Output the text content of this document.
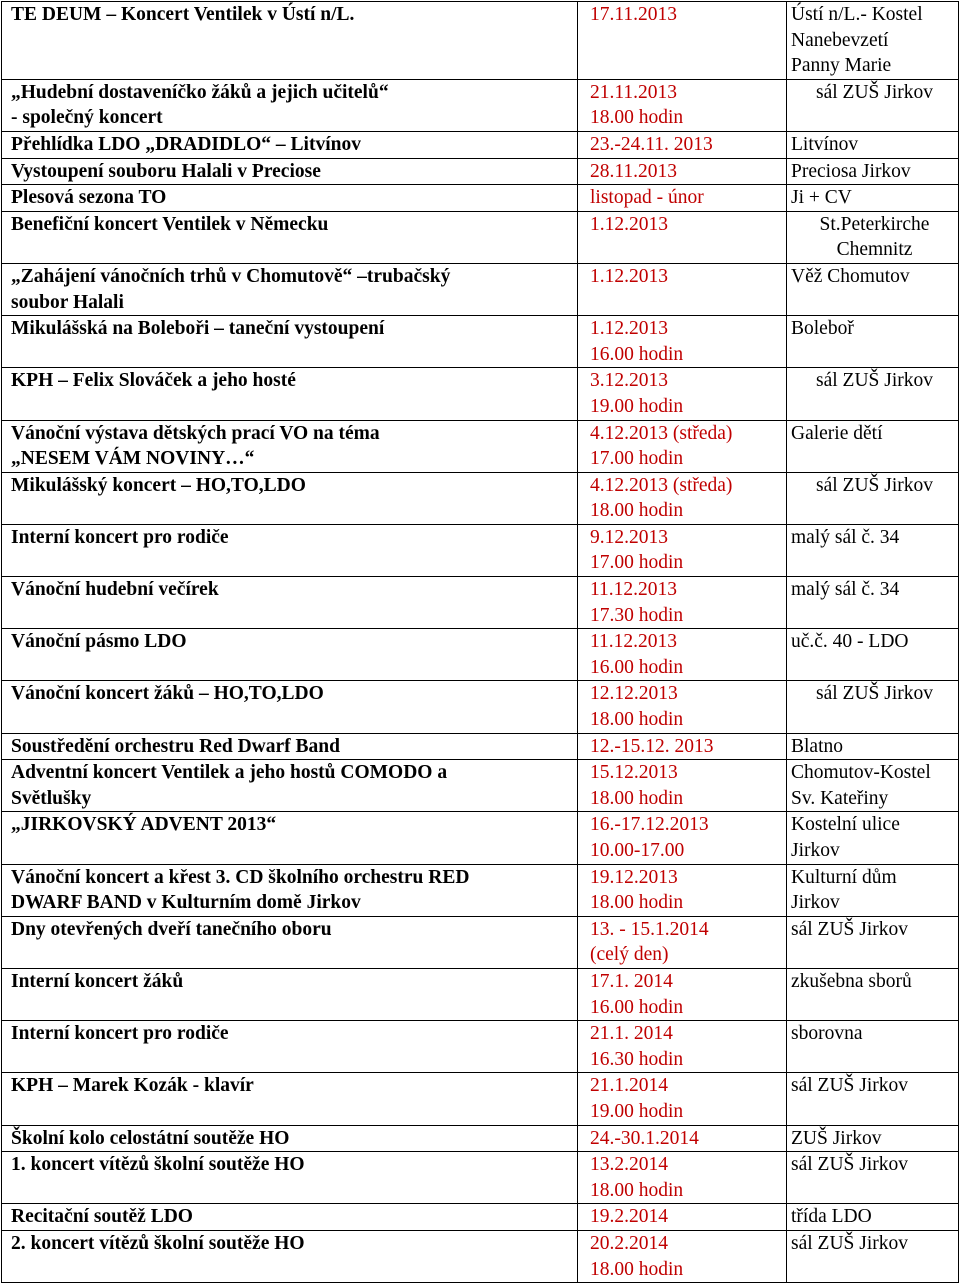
TE DEUM – Koncert Ventilek v Ústí n/L.	17.11.2013	Ústí n/L.- Kostel
Nanebevzetí
Panny Marie

„Hudební dostaveníčko žáků a jejich učitelů“
- společný koncert	21.11.2013
18.00 hodin	sál ZUŠ Jirkov

Přehlídka LDO „DRADIDLO“ – Litvínov	23.-24.11. 2013	Litvínov

Vystoupení souboru Halali v Preciose	28.11.2013	Preciosa Jirkov

Plesová sezona TO	listopad - únor	Ji + CV

Benefiční koncert Ventilek v Německu	1.12.2013	St.Peterkirche
Chemnitz

„Zahájení vánočních trhů v Chomutově“ –trubačský
soubor Halali	1.12.2013	Věž Chomutov

Mikulášská na Boleboři – taneční vystoupení	1.12.2013
16.00 hodin	Boleboř

KPH – Felix Slováček a jeho hosté	3.12.2013
19.00 hodin	sál ZUŠ Jirkov

Vánoční výstava dětských prací VO na téma
„NESEM VÁM NOVINY…“	4.12.2013 (středa)
17.00 hodin	Galerie dětí

Mikulášský koncert – HO,TO,LDO	4.12.2013 (středa)
18.00 hodin	sál ZUŠ Jirkov

Interní koncert pro rodiče	9.12.2013
17.00 hodin	malý sál č. 34

Vánoční hudební večírek	11.12.2013
17.30 hodin	malý sál č. 34

Vánoční pásmo LDO	11.12.2013
16.00 hodin	uč.č. 40 - LDO

Vánoční koncert žáků – HO,TO,LDO	12.12.2013
18.00 hodin	sál ZUŠ Jirkov

Soustředění orchestru Red Dwarf Band	12.-15.12. 2013	Blatno

Adventní koncert Ventilek a jeho hostů COMODO a
Světlušky	15.12.2013
18.00 hodin	Chomutov-Kostel
Sv. Kateřiny

„JIRKOVSKÝ ADVENT 2013“	16.-17.12.2013
10.00-17.00	Kostelní ulice
Jirkov

Vánoční koncert a křest 3. CD školního orchestru RED
DWARF BAND v Kulturním domě Jirkov	19.12.2013
18.00 hodin	Kulturní dům
Jirkov

Dny otevřených dveří tanečního oboru	13. - 15.1.2014
(celý den)	sál ZUŠ Jirkov

Interní koncert žáků	17.1. 2014
16.00 hodin	zkušebna sborů

Interní koncert pro rodiče	21.1. 2014
16.30 hodin	sborovna

KPH – Marek Kozák - klavír	21.1.2014
19.00 hodin	sál ZUŠ Jirkov

Školní kolo celostátní soutěže HO	24.-30.1.2014	ZUŠ Jirkov

1. koncert vítězů školní soutěže HO	13.2.2014
18.00 hodin	sál ZUŠ Jirkov

Recitační soutěž LDO	19.2.2014	třída LDO

2. koncert vítězů školní soutěže HO	20.2.2014
18.00 hodin	sál ZUŠ Jirkov
